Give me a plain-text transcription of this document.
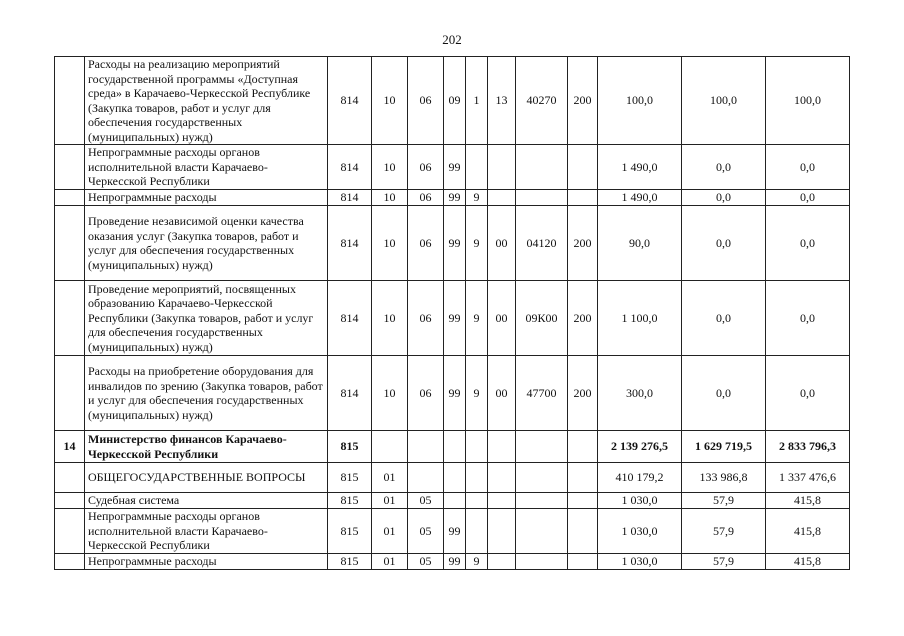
202
	Расходы на реализацию мероприятий государственной программы «Доступная среда» в Карачаево-Черкесской Республике (Закупка товаров, работ и услуг для обеспечения государственных (муниципальных) нужд)	814	10	06	09	1	13	40270	200	100,0	100,0	100,0
	Непрограммные расходы органов исполнительной власти Карачаево-Черкесской Республики	814	10	06	99					1 490,0	0,0	0,0
	Непрограммные расходы	814	10	06	99	9				1 490,0	0,0	0,0
	Проведение независимой оценки качества оказания услуг (Закупка товаров, работ и услуг для обеспечения государственных (муниципальных) нужд)	814	10	06	99	9	00	04120	200	90,0	0,0	0,0
	Проведение мероприятий, посвященных образованию Карачаево-Черкесской Республики (Закупка товаров, работ и услуг для обеспечения государственных (муниципальных) нужд)	814	10	06	99	9	00	09К00	200	1 100,0	0,0	0,0
	Расходы на приобретение оборудования для инвалидов по зрению (Закупка товаров, работ и услуг для обеспечения государственных (муниципальных) нужд)	814	10	06	99	9	00	47700	200	300,0	0,0	0,0
14	Министерство финансов Карачаево-Черкесской Республики	815								2 139 276,5	1 629 719,5	2 833 796,3
	ОБЩЕГОСУДАРСТВЕННЫЕ ВОПРОСЫ	815	01							410 179,2	133 986,8	1 337 476,6
	Судебная система	815	01	05						1 030,0	57,9	415,8
	Непрограммные расходы органов исполнительной власти Карачаево-Черкесской Республики	815	01	05	99					1 030,0	57,9	415,8
	Непрограммные расходы	815	01	05	99	9				1 030,0	57,9	415,8
